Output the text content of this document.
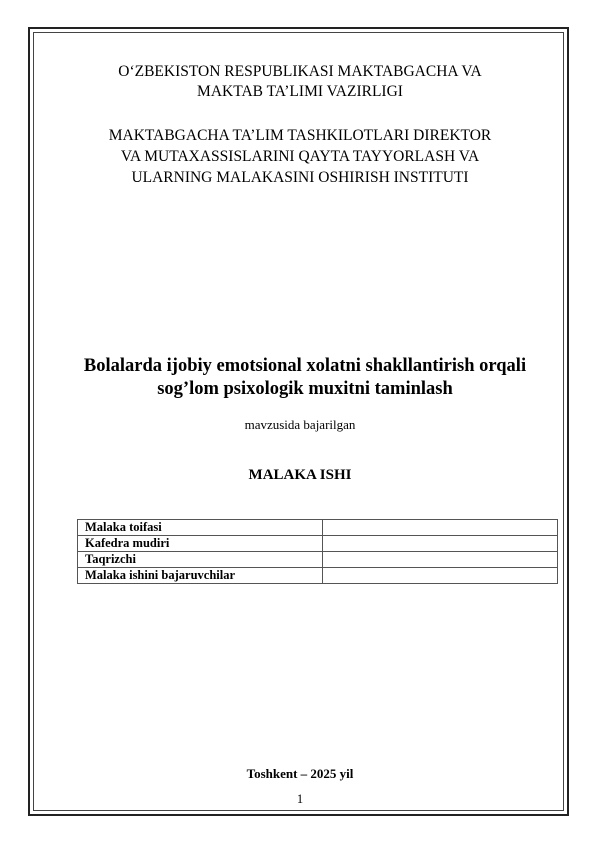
O‘ZBEKISTON RESPUBLIKASI MAKTABGACHA VA
MAKTAB TA’LIMI VAZIRLIGI
MAKTABGACHA TA’LIM TASHKILOTLARI DIREKTOR
VA MUTAXASSISLARINI QAYTA TAYYORLASH VA
ULARNING MALAKASINI OSHIRISH INSTITUTI
Bolalarda ijobiy emotsional xolatni shakllantirish orqali
sog’lom psixologik muxitni taminlash
mavzusida bajarilgan
MALAKA ISHI
Malaka toifasi	
Kafedra mudiri	
Taqrizchi	
Malaka ishini bajaruvchilar	
Toshkent – 2025 yil
1
